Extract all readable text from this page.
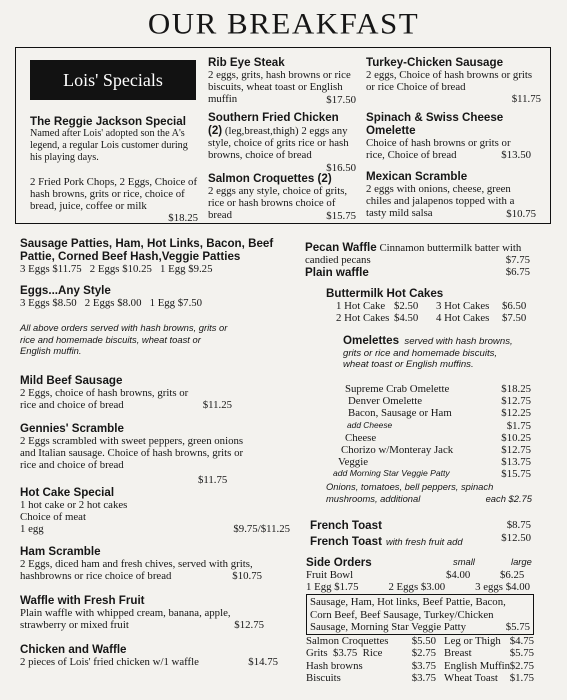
OUR BREAKFAST
Lois' Specials
The Reggie Jackson Special
Named after Lois' adopted son the A's legend, a regular Lois customer during his playing days.
2 Fried Pork Chops, 2 Eggs, Choice of hash browns, grits or rice, choice of bread, juice, coffee or milk
$18.25
Rib Eye Steak
2 eggs, grits, hash browns or rice biscuits, wheat toast or English muffin	$17.50
Southern Fried Chicken
(2) (leg,breast,thigh) 2 eggs any style, choice of grits rice or hash browns, choice of bread
$16.50
Salmon Croquettes (2)
2 eggs any style, choice of grits, rice or hash browns choice of bread	$15.75
Turkey-Chicken Sausage
2 eggs, Choice of hash browns or grits or rice Choice of bread
$11.75
Spinach & Swiss Cheese Omelette
Choice of hash browns or grits or rice, Choice of bread	$13.50
Mexican Scramble
2 eggs with onions, cheese, green chiles and jalapenos topped with a tasty mild salsa	$10.75
Sausage Patties, Ham, Hot Links, Bacon, Beef Pattie, Corned Beef Hash,Veggie Patties
3 Eggs $11.75 2 Eggs $10.25 1 Egg $9.25
Eggs...Any Style
3 Eggs $8.50 2 Eggs $8.00 1 Egg $7.50
All above orders served with hash browns, grits or rice and homemade biscuits, wheat toast or English muffin.
Mild Beef Sausage
2 Eggs, choice of hash browns, grits or rice and choice of bread	$11.25
Gennies' Scramble
2 Eggs scrambled with sweet peppers, green onions and Italian sausage. Choice of hash browns, grits or rice and choice of bread
$11.75
Hot Cake Special
1 hot cake or 2 hot cakes
Choice of meat
1 egg	$9.75/$11.25
Ham Scramble
2 Eggs, diced ham and fresh chives, served with grits, hashbrowns or rice choice of bread	$10.75
Waffle with Fresh Fruit
Plain waffle with whipped cream, banana, apple, strawberry or mixed fruit	$12.75
Chicken and Waffle
2 pieces of Lois' fried chicken w/1 waffle	$14.75
Pecan Waffle Cinnamon buttermilk batter with
candied pecans	$7.75
Plain waffle	$6.75
Buttermilk Hot Cakes
1 Hot Cake $2.50	3 Hot Cakes	$6.50
2 Hot Cakes $4.50	4 Hot Cakes	$7.50
Omelettes served with hash browns, grits or rice and homemade biscuits, wheat toast or English muffins.
Supreme Crab Omelette	$18.25
Denver Omelette	$12.75
Bacon, Sausage or Ham	$12.25
add Cheese	$1.75
Cheese	$10.25
Chorizo w/Monteray Jack	$12.75
Veggie	$13.75
add Morning Star Veggie Patty	$15.75
Onions, tomatoes, bell peppers, spinach mushrooms, additional	each $2.75
French Toast	$8.75
French Toast with fresh fruit add	$12.50
Side Orders	small	large
Fruit Bowl	$4.00	$6.25
1 Egg $1.75	2 Eggs $3.00	3 eggs $4.00
Sausage, Ham, Hot links, Beef Pattie, Bacon, Corn Beef, Beef Sausage, Turkey/Chicken Sausage, Morning Star Veggie Patty	$5.75
Salmon Croquettes	$5.50 Leg or Thigh $4.75
Grits  $3.75  Rice	$2.75 Breast	$5.75
Hash browns	$3.75 English Muffin $2.75
Biscuits	$3.75 Wheat Toast	$1.75
